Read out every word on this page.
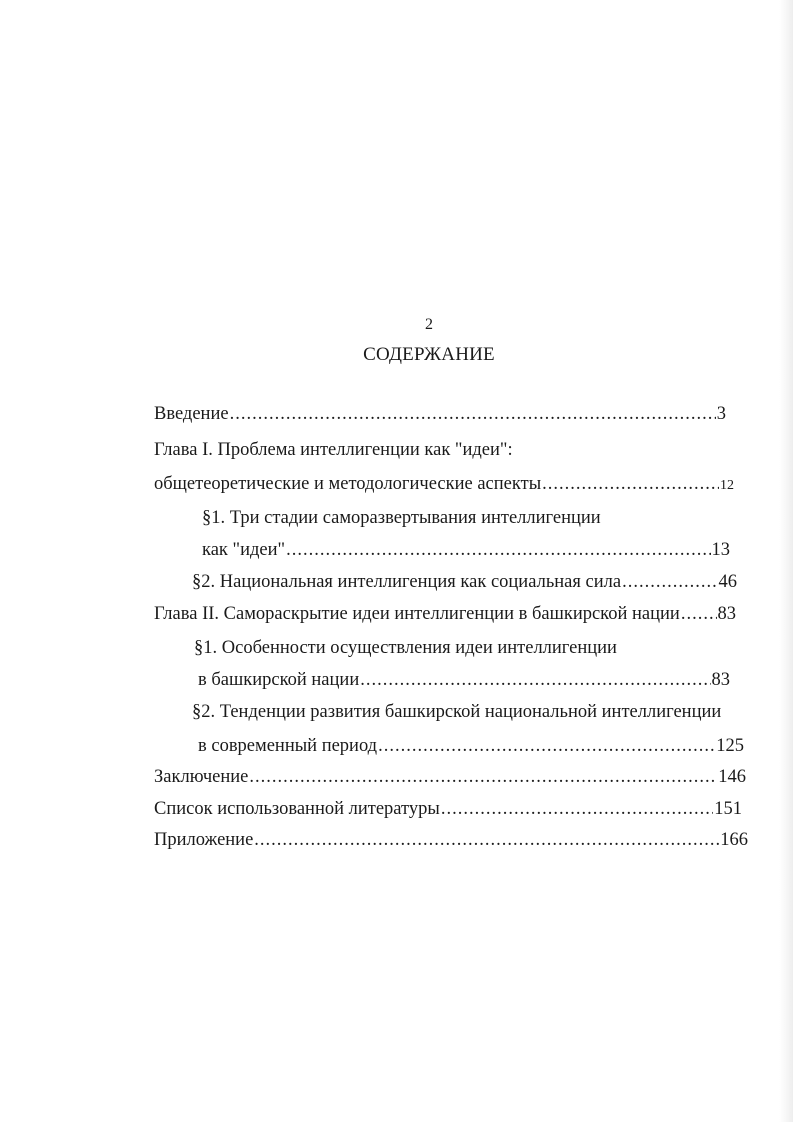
2
СОДЕРЖАНИЕ
Введение .....	3
Глава I. Проблема интеллигенции как "идеи":
общетеоретические и методологические аспекты .....	12
§1. Три стадии саморазвертывания интеллигенции
как "идеи" .....	13
§2. Национальная интеллигенция как социальная сила .....	46
Глава II. Самораскрытие идеи интеллигенции в башкирской нации ..... 83
§1. Особенности осуществления идеи интеллигенции
в башкирской нации .....	83
§2. Тенденции развития башкирской национальной интеллигенции
в современный период .....	125
Заключение .....	146
Список использованной литературы .....	151
Приложение .....	166
